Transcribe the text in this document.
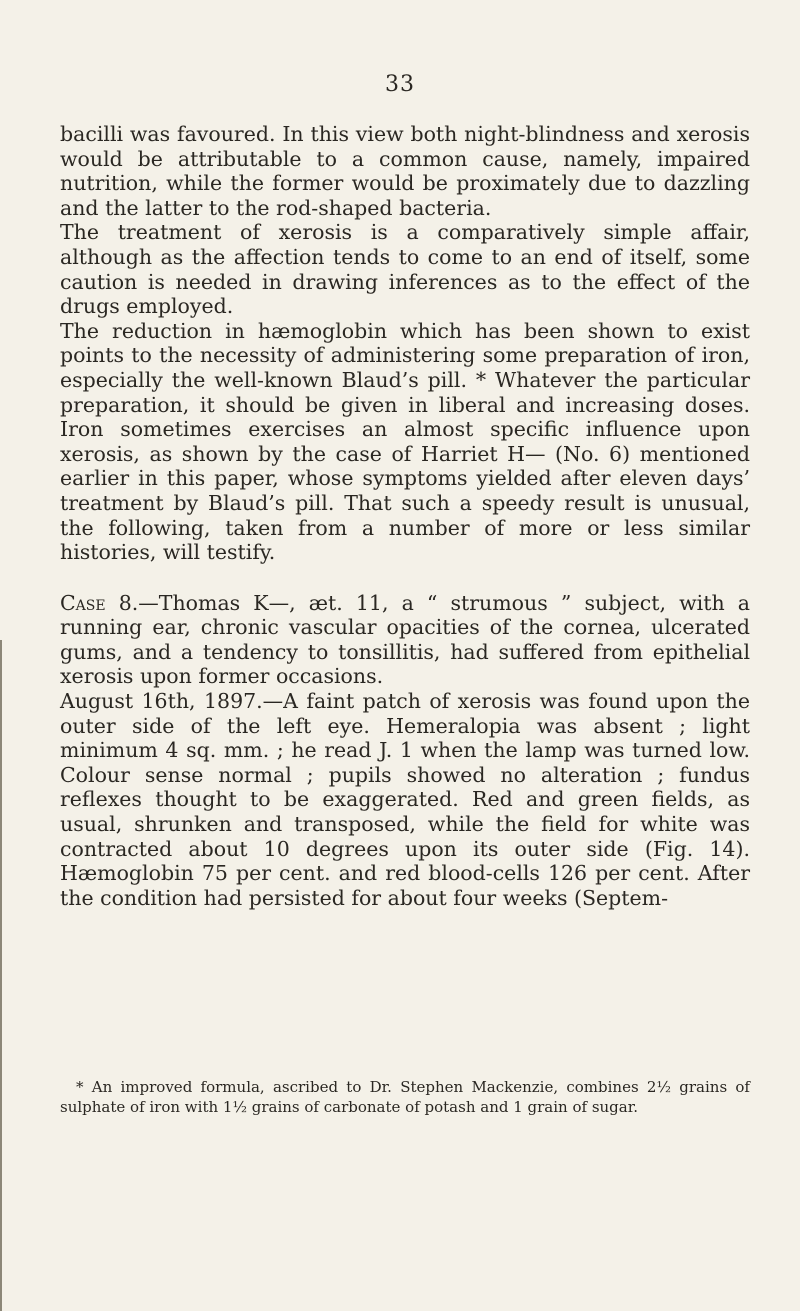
33

bacilli was favoured. In this view both night-blindness and xerosis would be attributable to a common cause, namely, impaired nutrition, while the former would be proximately due to dazzling and the latter to the rod-shaped bacteria.

The treatment of xerosis is a comparatively simple affair, although as the affection tends to come to an end of itself, some caution is needed in drawing inferences as to the effect of the drugs employed.

The reduction in hæmoglobin which has been shown to exist points to the necessity of administering some preparation of iron, especially the well-known Blaud’s pill. * Whatever the particular preparation, it should be given in liberal and increasing doses. Iron sometimes exercises an almost specific influence upon xerosis, as shown by the case of Harriet H— (No. 6) mentioned earlier in this paper, whose symptoms yielded after eleven days’ treatment by Blaud’s pill. That such a speedy result is unusual, the following, taken from a number of more or less similar histories, will testify.

Case 8.—Thomas K—, æt. 11, a “ strumous ” subject, with a running ear, chronic vascular opacities of the cornea, ulcerated gums, and a tendency to tonsillitis, had suffered from epithelial xerosis upon former occasions.

August 16th, 1897.—A faint patch of xerosis was found upon the outer side of the left eye. Hemeralopia was absent ; light minimum 4 sq. mm. ; he read J. 1 when the lamp was turned low. Colour sense normal ; pupils showed no alteration ; fundus reflexes thought to be exaggerated. Red and green fields, as usual, shrunken and transposed, while the field for white was contracted about 10 degrees upon its outer side (Fig. 14). Hæmoglobin 75 per cent. and red blood-cells 126 per cent. After the condition had persisted for about four weeks (Septem-

* An improved formula, ascribed to Dr. Stephen Mackenzie, combines 2½ grains of sulphate of iron with 1½ grains of carbonate of potash and 1 grain of sugar.
